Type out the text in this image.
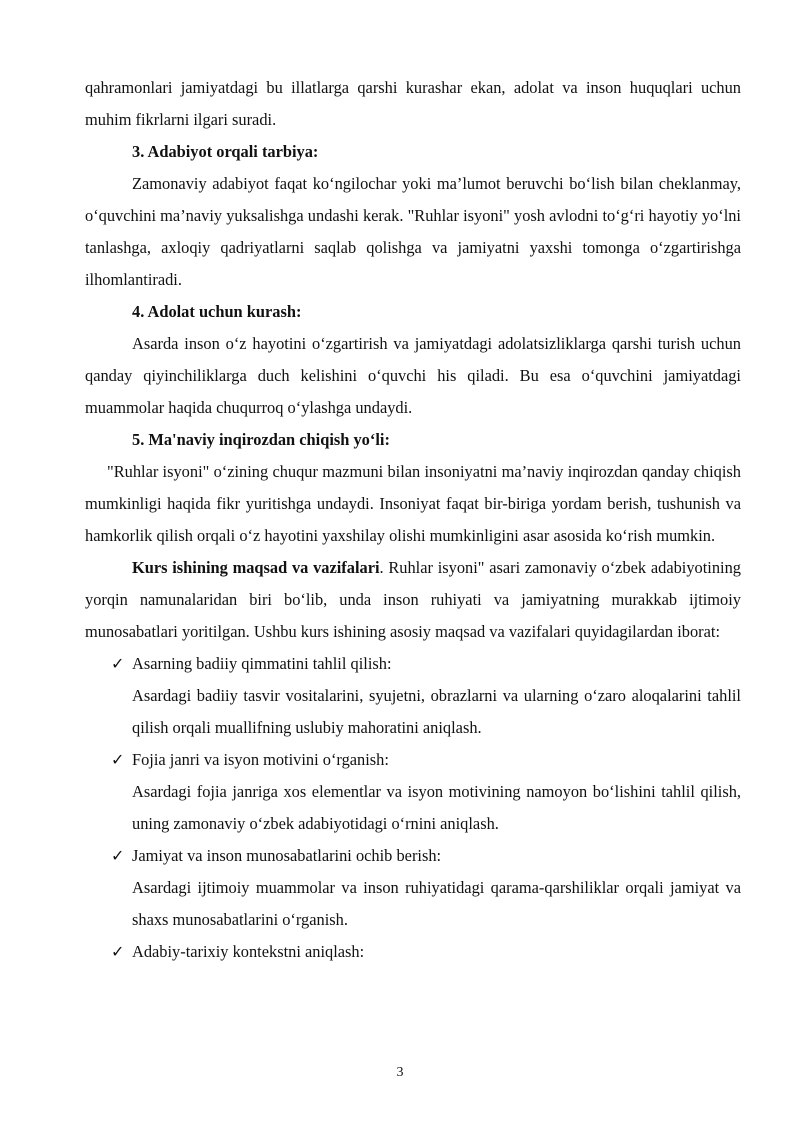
qahramonlari jamiyatdagi bu illatlarga qarshi kurashar ekan, adolat va inson huquqlari uchun muhim fikrlarni ilgari suradi.

3. Adabiyot orqali tarbiya:

Zamonaviy adabiyot faqat ko‘ngilochar yoki ma’lumot beruvchi bo‘lish bilan cheklanmay, o‘quvchini ma’naviy yuksalishga undashi kerak. "Ruhlar isyoni" yosh avlodni to‘g‘ri hayotiy yo‘lni tanlashga, axloqiy qadriyatlarni saqlab qolishga va jamiyatni yaxshi tomonga o‘zgartirishga ilhomlantiradi.

4. Adolat uchun kurash:

Asarda inson o‘z hayotini o‘zgartirish va jamiyatdagi adolatsizliklarga qarshi turish uchun qanday qiyinchiliklarga duch kelishini o‘quvchi his qiladi. Bu esa o‘quvchini jamiyatdagi muammolar haqida chuqurroq o‘ylashga undaydi.

5. Ma'naviy inqirozdan chiqish yo‘li:

"Ruhlar isyoni" o‘zining chuqur mazmuni bilan insoniyatni ma’naviy inqirozdan qanday chiqish mumkinligi haqida fikr yuritishga undaydi. Insoniyat faqat bir-biriga yordam berish, tushunish va hamkorlik qilish orqali o‘z hayotini yaxshilay olishi mumkinligini asar asosida ko‘rish mumkin.

Kurs ishining maqsad va vazifalari. Ruhlar isyoni" asari zamonaviy o‘zbek adabiyotining yorqin namunalaridan biri bo‘lib, unda inson ruhiyati va jamiyatning murakkab ijtimoiy munosabatlari yoritilgan. Ushbu kurs ishining asosiy maqsad va vazifalari quyidagilardan iborat:

✓ Asarning badiiy qimmatini tahlil qilish:

Asardagi badiiy tasvir vositalarini, syujetni, obrazlarni va ularning o‘zaro aloqalarini tahlil qilish orqali muallifning uslubiy mahoratini aniqlash.

✓ Fojia janri va isyon motivini o‘rganish:

Asardagi fojia janriga xos elementlar va isyon motivining namoyon bo‘lishini tahlil qilish, uning zamonaviy o‘zbek adabiyotidagi o‘rnini aniqlash.

✓ Jamiyat va inson munosabatlarini ochib berish:

Asardagi ijtimoiy muammolar va inson ruhiyatidagi qarama-qarshiliklar orqali jamiyat va shaxs munosabatlarini o‘rganish.

✓ Adabiy-tarixiy kontekstni aniqlash:

3
